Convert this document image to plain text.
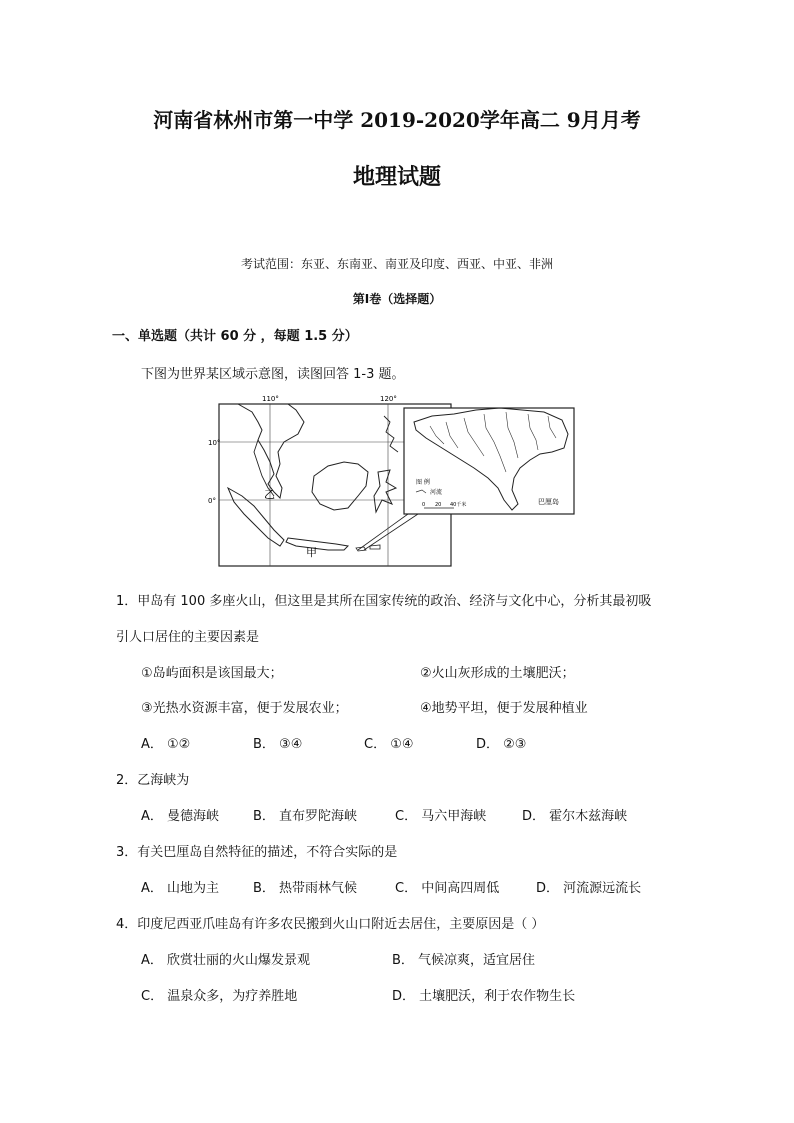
河南省林州市第一中学 2019-2020学年高二 9月月考
地理试题
考试范围：东亚、东南亚、南亚及印度、西亚、中亚、非洲
第I卷（选择题）
一、单选题（共计 60 分 ，每题 1.5 分）
下图为世界某区域示意图，读图回答 1-3 题。
110°	120°
10°
0°	乙
甲
图 例
河流
0 20 40千米	巴厘岛
1．甲岛有 100 多座火山，但这里是其所在国家传统的政治、经济与文化中心，分析其最初吸
引人口居住的主要因素是
①岛屿面积是该国最大；	②火山灰形成的土壤肥沃；
③光热水资源丰富，便于发展农业；	④地势平坦，便于发展种植业
A． ①②	B． ③④	C． ①④	D． ②③
2．乙海峡为
A． 曼德海峡	B． 直布罗陀海峡	C． 马六甲海峡	D． 霍尔木兹海峡
3．有关巴厘岛自然特征的描述，不符合实际的是
A． 山地为主	B． 热带雨林气候	C． 中间高四周低	D． 河流源远流长
4．印度尼西亚爪哇岛有许多农民搬到火山口附近去居住，主要原因是（ ）
A． 欣赏壮丽的火山爆发景观	B． 气候凉爽，适宜居住
C． 温泉众多，为疗养胜地	D． 土壤肥沃，利于农作物生长
